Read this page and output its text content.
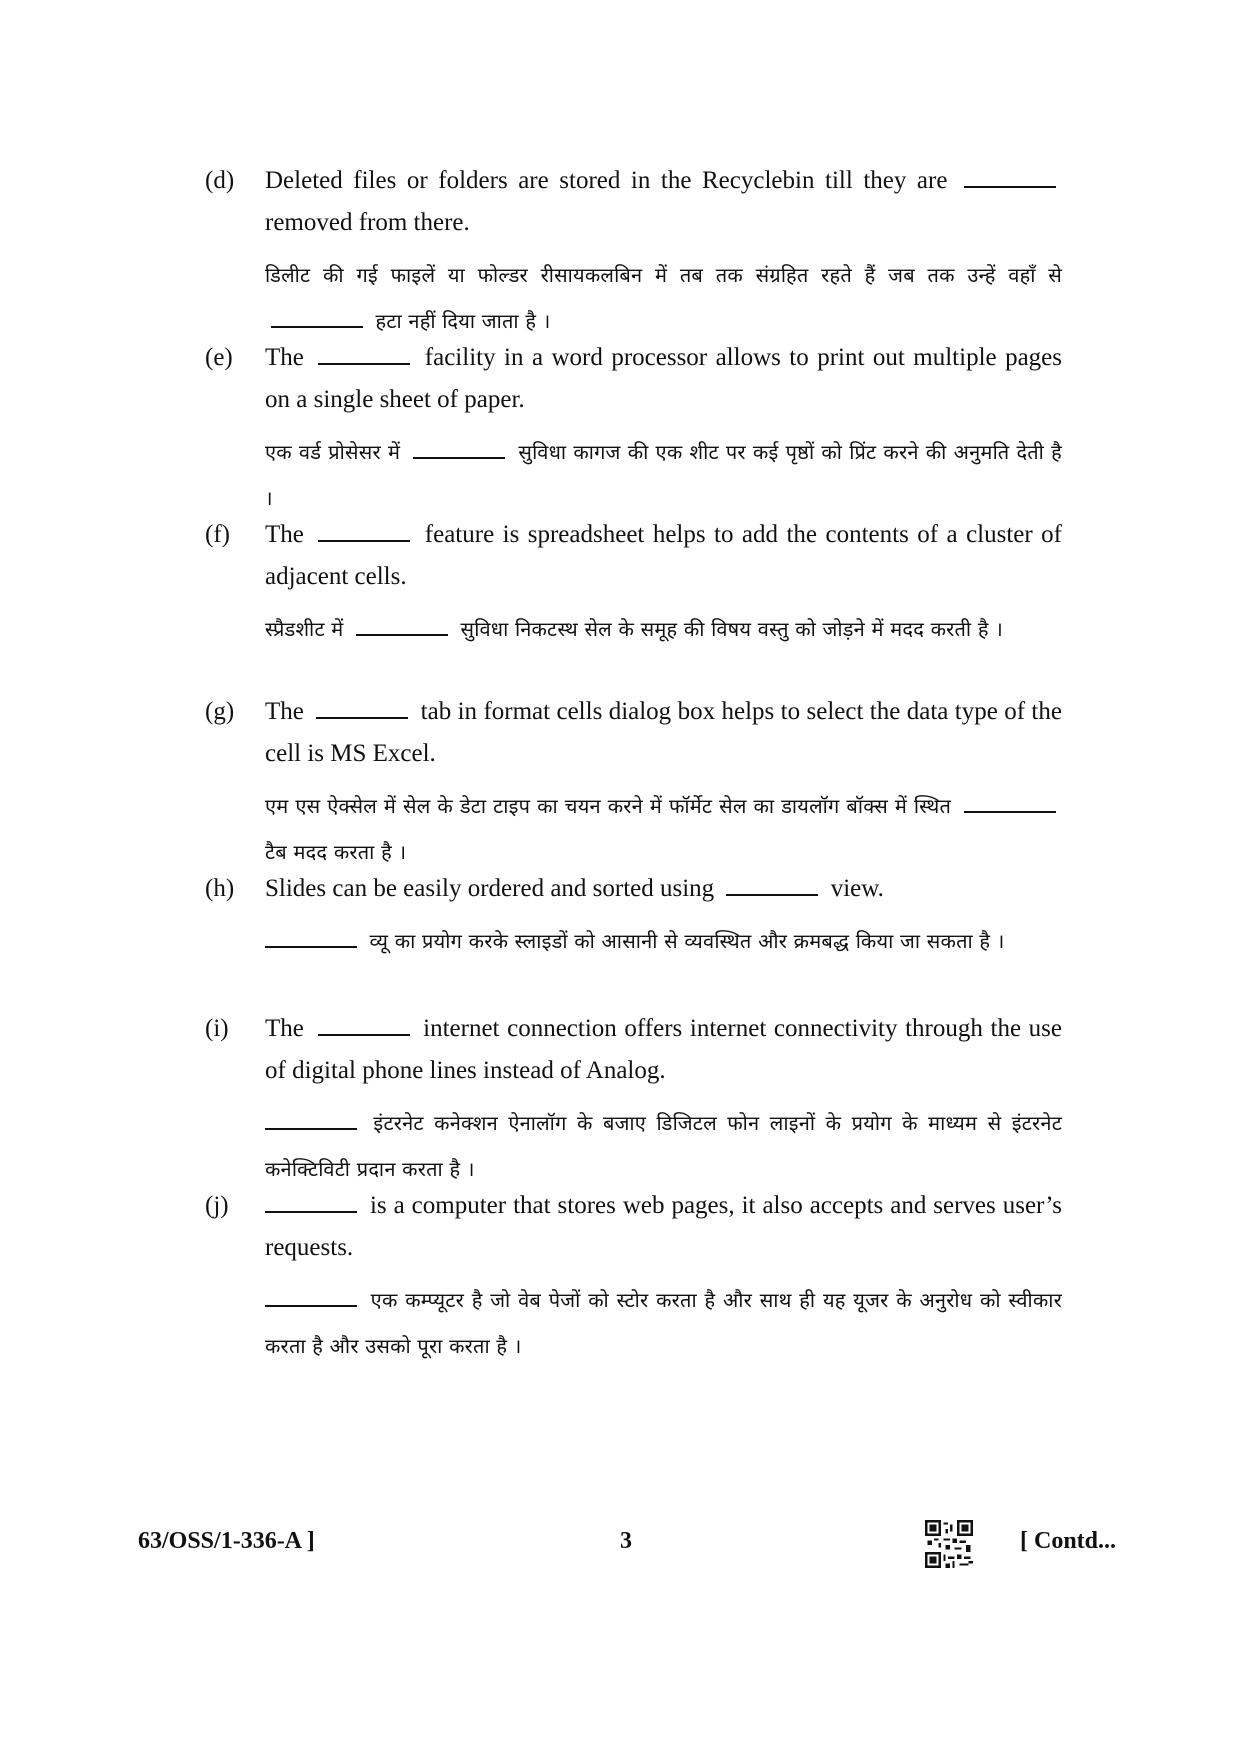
(d) Deleted files or folders are stored in the Recyclebin till they are  removed from there.

डिलीट की गई फाइलें या फोल्डर रीसायकलबिन में तब तक संग्रहित रहते हैं जब तक उन्हें वहाँ से  हटा नहीं दिया जाता है ।

(e) The	facility in a word processor allows to print out multiple pages on a single sheet of paper.

एक वर्ड प्रोसेसर में	सुविधा कागज की एक शीट पर कई पृष्ठों को प्रिंट करने की अनुमति देती है ।

(f) The	feature is spreadsheet helps to add the contents of a cluster of adjacent cells.

स्प्रैडशीट में	सुविधा निकटस्थ सेल के समूह की विषय वस्तु को जोड़ने में मदद करती है ।

(g) The	tab in format cells dialog box helps to select the data type of the cell is MS Excel.

एम एस ऐक्सेल में सेल के डेटा टाइप का चयन करने में फॉर्मेट सेल का डायलॉग बॉक्स में स्थित  टैब मदद करता है ।

(h) Slides can be easily ordered and sorted using	view.

व्यू का प्रयोग करके स्लाइडों को आसानी से व्यवस्थित और क्रमबद्ध किया जा सकता है ।

(i) The	internet connection offers internet connectivity through the use of digital phone lines instead of Analog.

इंटरनेट कनेक्शन ऐनालॉग के बजाए डिजिटल फोन लाइनों के प्रयोग के माध्यम से इंटरनेट कनेक्टिविटी प्रदान करता है ।

(j)	is a computer that stores web pages, it also accepts and serves user’s requests.

एक कम्प्यूटर है जो वेब पेजों को स्टोर करता है और साथ ही यह यूजर के अनुरोध को स्वीकार करता है और उसको पूरा करता है ।

63/OSS/1-336-A ]	3	[ Contd...
